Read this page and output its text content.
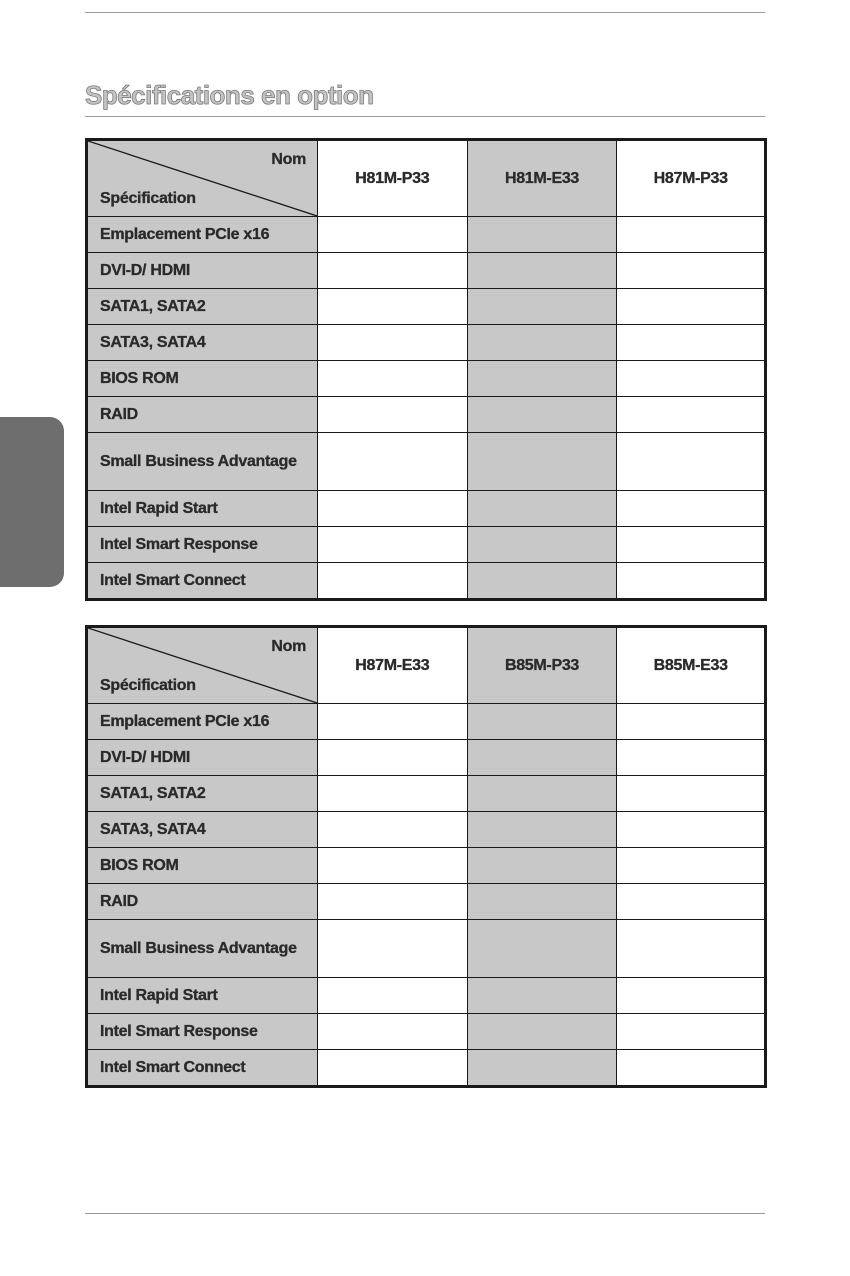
Spécifications en option
Nom
Spécification	H81M-P33	H81M-E33	H87M-P33
Emplacement PCIe x16			
DVI-D/ HDMI			
SATA1, SATA2			
SATA3, SATA4			
BIOS ROM			
RAID			
Small Business Advantage			
Intel Rapid Start			
Intel Smart Response			
Intel Smart Connect			
Nom
Spécification	H87M-E33	B85M-P33	B85M-E33
Emplacement PCIe x16			
DVI-D/ HDMI			
SATA1, SATA2			
SATA3, SATA4			
BIOS ROM			
RAID			
Small Business Advantage			
Intel Rapid Start			
Intel Smart Response			
Intel Smart Connect			
